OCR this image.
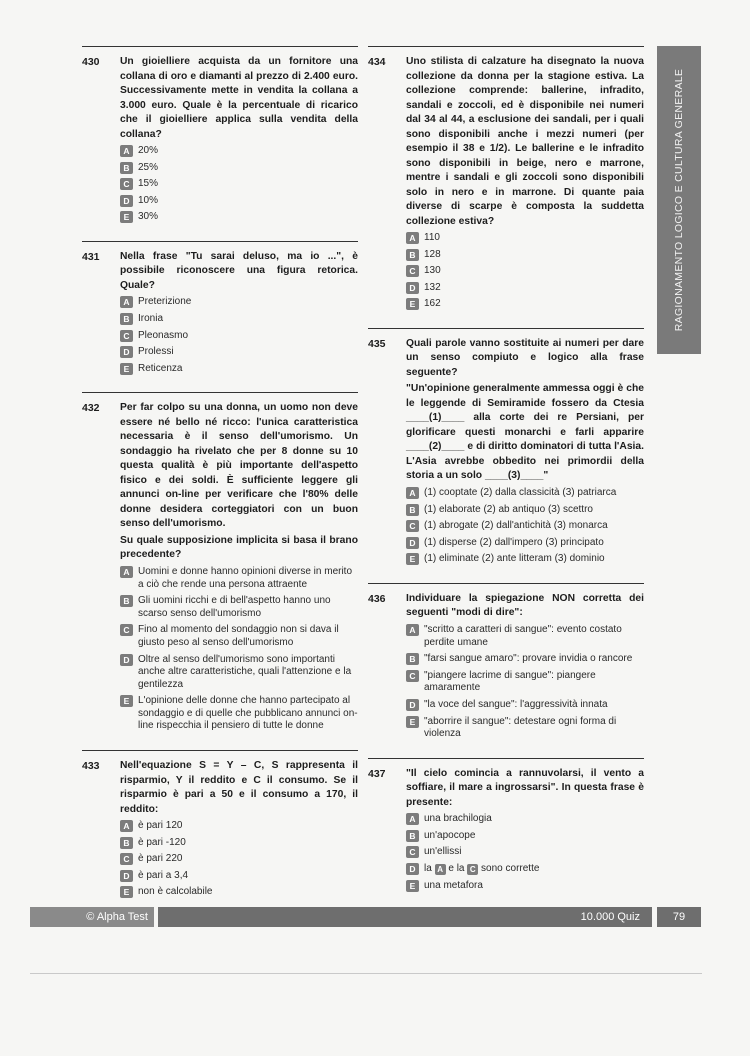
430	Un gioielliere acquista da un fornitore una collana di oro e diamanti al prezzo di 2.400 euro. Successivamente mette in vendita la collana a 3.000 euro. Quale è la percentuale di ricarico che il gioielliere applica sulla vendita della collana?
A 20%
B 25%
C 15%
D 10%
E 30%
431	Nella frase "Tu sarai deluso, ma io ...", è possibile riconoscere una figura retorica. Quale?
A Preterizione
B Ironia
C Pleonasmo
D Prolessi
E Reticenza
432	Per far colpo su una donna, un uomo non deve essere né bello né ricco: l'unica caratteristica necessaria è il senso dell'umorismo. Un sondaggio ha rivelato che per 8 donne su 10 questa qualità è più importante dell'aspetto fisico e dei soldi. È sufficiente leggere gli annunci on-line per verificare che l'80% delle donne desidera corteggiatori con un buon senso dell'umorismo.
Su quale supposizione implicita si basa il brano precedente?
A Uomini e donne hanno opinioni diverse in merito a ciò che rende una persona attraente
B Gli uomini ricchi e di bell'aspetto hanno uno scarso senso dell'umorismo
C Fino al momento del sondaggio non si dava il giusto peso al senso dell'umorismo
D Oltre al senso dell'umorismo sono importanti anche altre caratteristiche, quali l'attenzione e la gentilezza
E L'opinione delle donne che hanno partecipato al sondaggio e di quelle che pubblicano annunci on-line rispecchia il pensiero di tutte le donne
433	Nell'equazione S = Y – C, S rappresenta il risparmio, Y il reddito e C il consumo. Se il risparmio è pari a 50 e il consumo a 170, il reddito:
A è pari 120
B è pari -120
C è pari 220
D è pari a 3,4
E non è calcolabile
434	Uno stilista di calzature ha disegnato la nuova collezione da donna per la stagione estiva. La collezione comprende: ballerine, infradito, sandali e zoccoli, ed è disponibile nei numeri dal 34 al 44, a esclusione dei sandali, per i quali sono disponibili anche i mezzi numeri (per esempio il 38 e 1/2). Le ballerine e le infradito sono disponibili in beige, nero e marrone, mentre i sandali e gli zoccoli sono disponibili solo in nero e in marrone. Di quante paia diverse di scarpe è composta la suddetta collezione estiva?
A 110
B 128
C 130
D 132
E 162
435	Quali parole vanno sostituite ai numeri per dare un senso compiuto e logico alla frase seguente?
"Un'opinione generalmente ammessa oggi è che le leggende di Semiramide fossero da Ctesia ____(1)____ alla corte dei re Persiani, per glorificare questi monarchi e farli apparire ____(2)____ e di diritto dominatori di tutta l'Asia. L'Asia avrebbe obbedito nei primordii della storia a un solo ____(3)____"
A (1) cooptate (2) dalla classicità (3) patriarca
B (1) elaborate (2) ab antiquo (3) scettro
C (1) abrogate (2) dall'antichità (3) monarca
D (1) disperse (2) dall'impero (3) principato
E (1) eliminate (2) ante litteram (3) dominio
436	Individuare la spiegazione NON corretta dei seguenti "modi di dire":
A "scritto a caratteri di sangue": evento costato perdite umane
B "farsi sangue amaro": provare invidia o rancore
C "piangere lacrime di sangue": piangere amaramente
D "la voce del sangue": l'aggressività innata
E "aborrire il sangue": detestare ogni forma di violenza
437	"Il cielo comincia a rannuvolarsi, il vento a soffiare, il mare a ingrossarsi". In questa frase è presente:
A una brachilogia
B un'apocope
C un'ellissi
D la A e la C sono corrette
E una metafora
RAGIONAMENTO LOGICO E CULTURA GENERALE
© Alpha Test	10.000 Quiz	79
